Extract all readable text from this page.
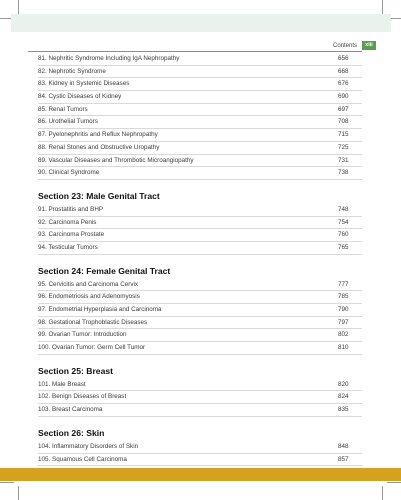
Contents	xiii
81. Nephritic Syndrome Including IgA Nephropathy	656
82. Nephrotic Syndrome	668
83. Kidney in Systemic Diseases	676
84. Cystic Diseases of Kidney	690
85. Renal Tumors	697
86. Urothelial Tumors	708
87. Pyelonephritis and Reflux Nephropathy	715
88. Renal Stones and Obstructive Uropathy	725
89. Vascular Diseases and Thrombotic Microangiopathy	731
90. Clinical Syndrome	738
Section 23: Male Genital Tract
91. Prostatitis and BHP	748
92. Carcinoma Penis	754
93. Carcinoma Prostate	760
94. Testicular Tumors	765
Section 24: Female Genital Tract
95. Cervicitis and Carcinoma Cervix	777
96. Endometriosis and Adenomyosis	785
97. Endometrial Hyperplasia and Carcinoma	790
98. Gestational Trophoblastic Diseases	797
99. Ovarian Tumor: Introduction	802
100. Ovarian Tumor: Germ Cell Tumor	810
Section 25: Breast
101. Male Breast	820
102. Benign Diseases of Breast	824
103. Breast Carcinoma	835
Section 26: Skin
104. Inflammatory Disorders of Skin	848
105. Squamous Cell Carcinoma	857
